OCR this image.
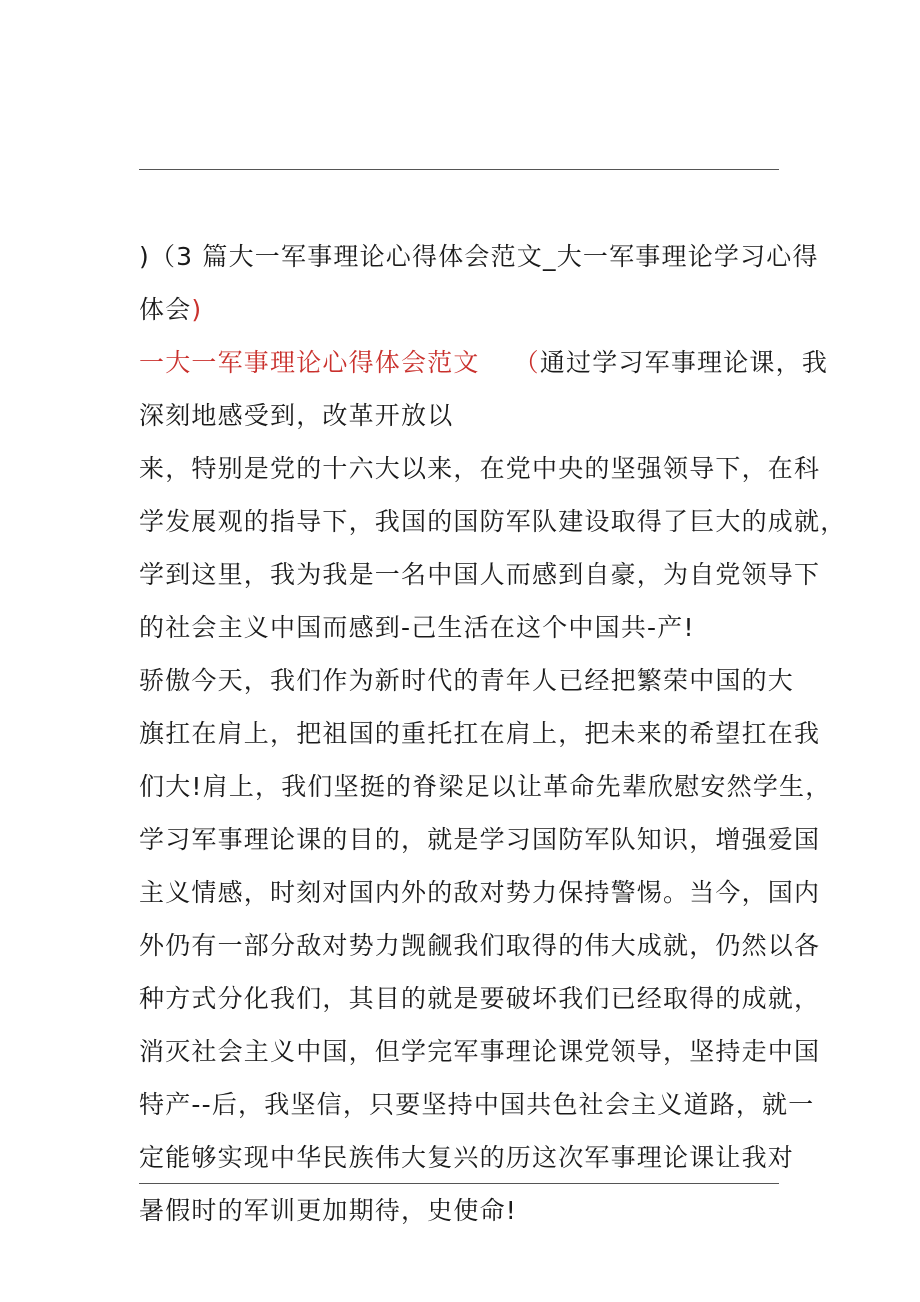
)（3 篇大一军事理论心得体会范文_大一军事理论学习心得
体会)
一大一军事理论心得体会范文 （通过学习军事理论课，我
深刻地感受到，改革开放以
来，特别是党的十六大以来，在党中央的坚强领导下，在科
学发展观的指导下，我国的国防军队建设取得了巨大的成就，
学到这里，我为我是一名中国人而感到自豪，为自党领导下
的社会主义中国而感到-己生活在这个中国共-产!
骄傲今天，我们作为新时代的青年人已经把繁荣中国的大
旗扛在肩上，把祖国的重托扛在肩上，把未来的希望扛在我
们大!肩上，我们坚挺的脊梁足以让革命先辈欣慰安然学生，
学习军事理论课的目的，就是学习国防军队知识，增强爱国
主义情感，时刻对国内外的敌对势力保持警惕。当今，国内
外仍有一部分敌对势力觊觎我们取得的伟大成就，仍然以各
种方式分化我们，其目的就是要破坏我们已经取得的成就，
消灭社会主义中国，但学完军事理论课党领导，坚持走中国
特产--后，我坚信，只要坚持中国共色社会主义道路，就一
定能够实现中华民族伟大复兴的历这次军事理论课让我对
暑假时的军训更加期待，史使命!
